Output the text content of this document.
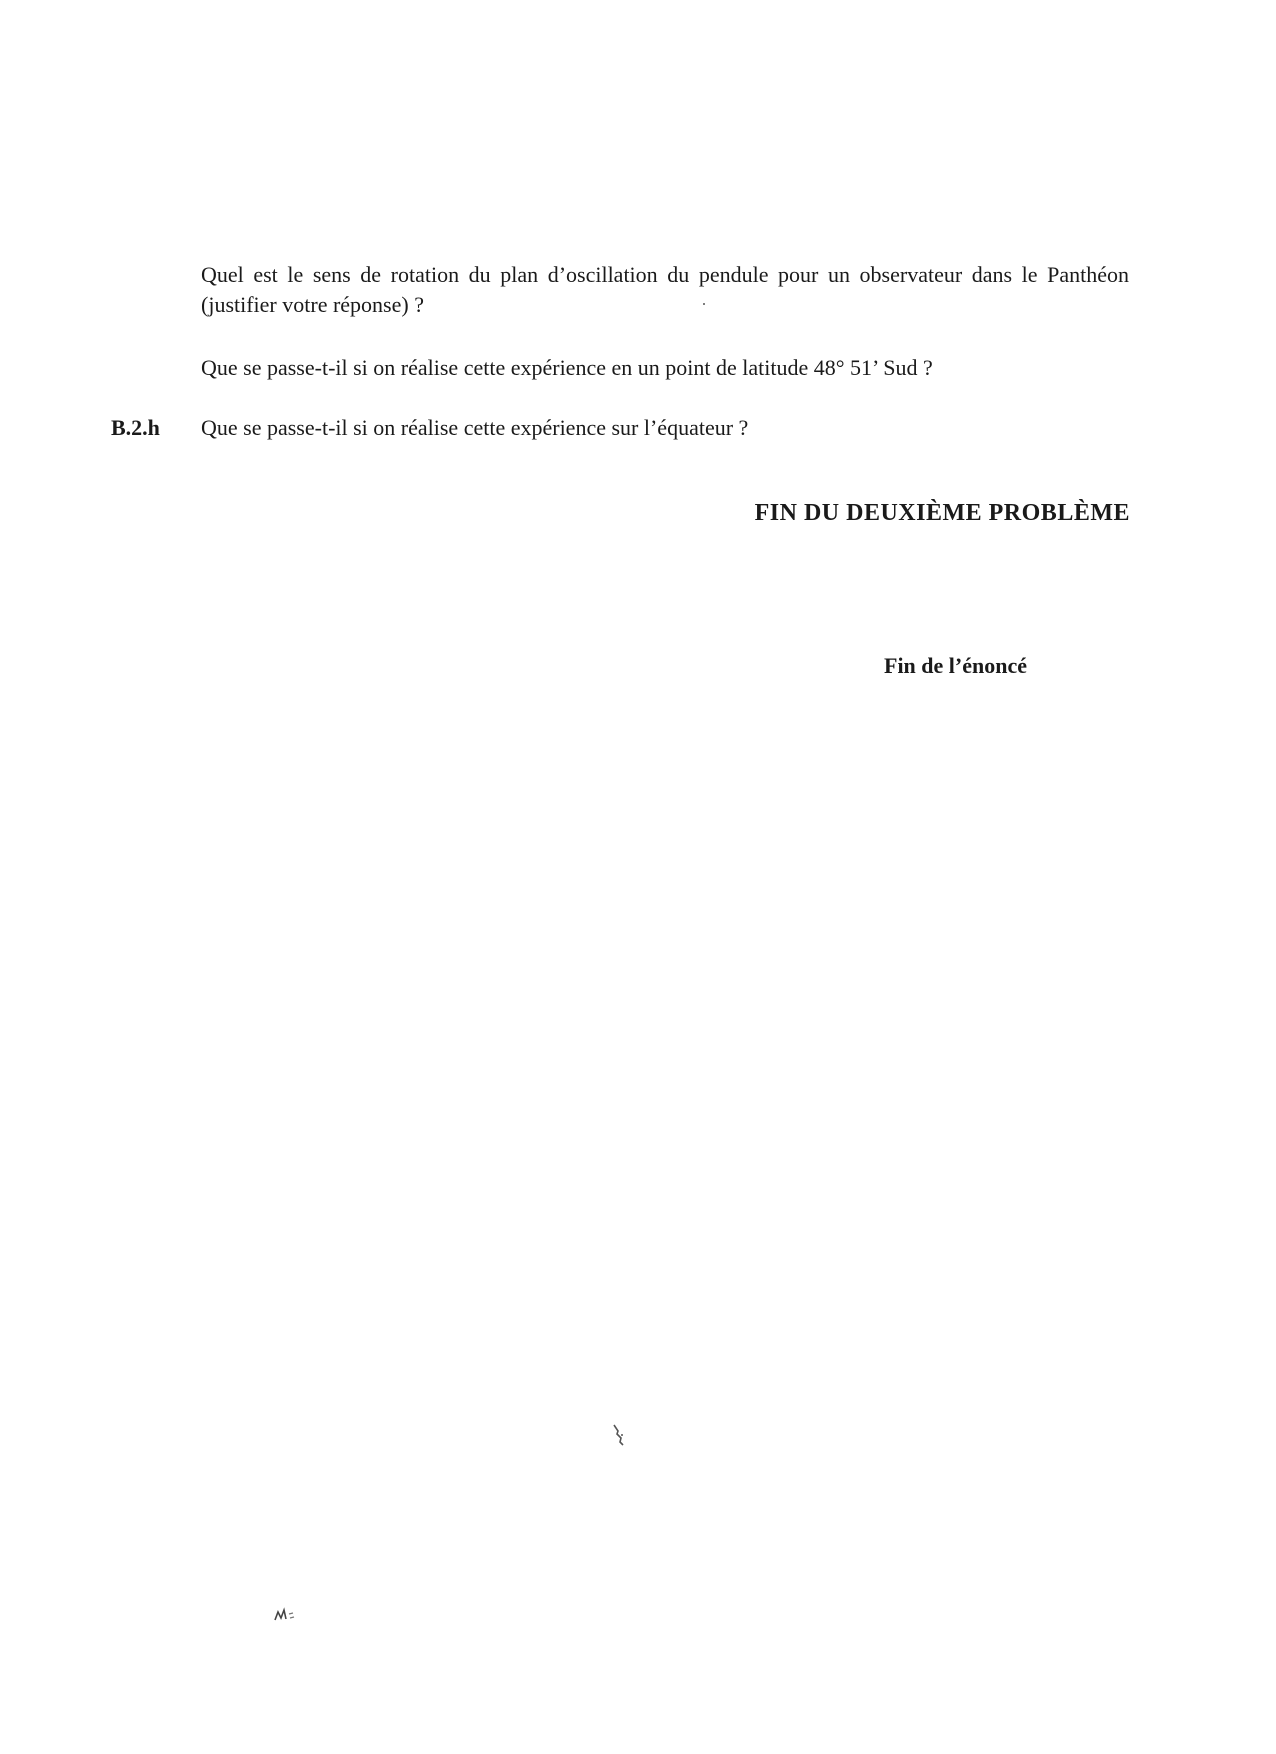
Quel est le sens de rotation du plan d’oscillation du pendule pour un observateur dans le Panthéon (justifier votre réponse) ?

Que se passe-t-il si on réalise cette expérience en un point de latitude 48° 51’ Sud ?

B.2.h Que se passe-t-il si on réalise cette expérience sur l’équateur ?

FIN DU DEUXIÈME PROBLÈME

Fin de l’énoncé
